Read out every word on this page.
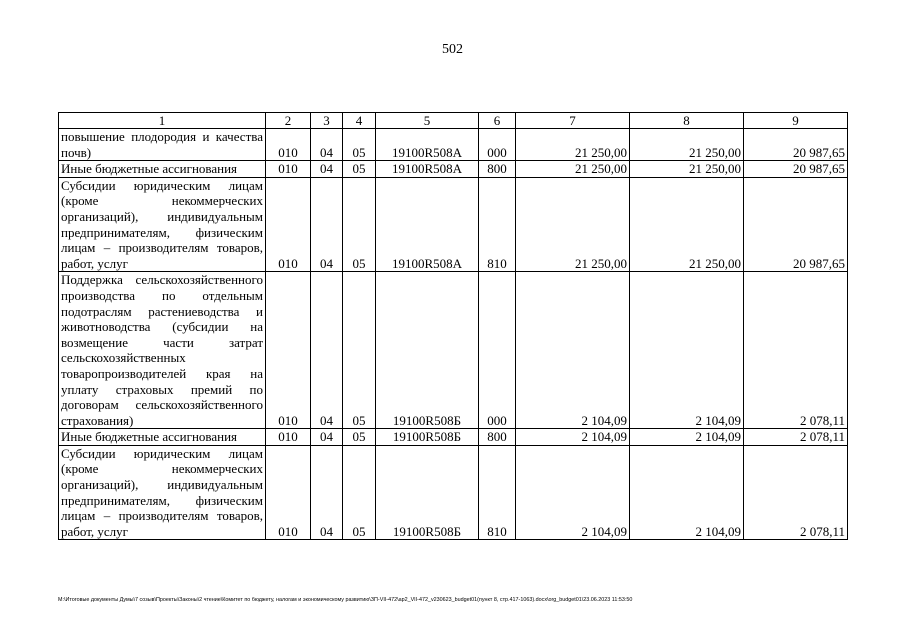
502
1	2	3	4	5	6	7	8	9

повышение плодородия и качества почв)	010	04	05	19100R508А	000	21 250,00	21 250,00	20 987,65

Иные бюджетные ассигнования	010	04	05	19100R508А	800	21 250,00	21 250,00	20 987,65

Субсидии юридическим лицам (кроме некоммерческих организаций), индивидуальным предпринимателям, физическим лицам – производителям товаров, работ, услуг	010	04	05	19100R508А	810	21 250,00	21 250,00	20 987,65

Поддержка сельскохозяйственного производства по отдельным подотраслям растениеводства и животноводства (субсидии на возмещение части затрат сельскохозяйственных товаропроизводителей края на уплату страховых премий по договорам сельскохозяйственного страхования)	010	04	05	19100R508Б	000	2 104,09	2 104,09	2 078,11

Иные бюджетные ассигнования	010	04	05	19100R508Б	800	2 104,09	2 104,09	2 078,11

Субсидии юридическим лицам (кроме некоммерческих организаций), индивидуальным предпринимателям, физическим лицам – производителям товаров, работ, услуг	010	04	05	19100R508Б	810	2 104,09	2 104,09	2 078,11
M:\Итоговые документы Думы\7 созыв\Проекты\Законы\2 чтение\Комитет по бюджету, налогам и экономическому развитию\ЗП-VII-472\ap2_VII-472_v230623_budget01(пункт 8, стр.417-1063).docx\org_budget01\23.06.2023 11:53:50
